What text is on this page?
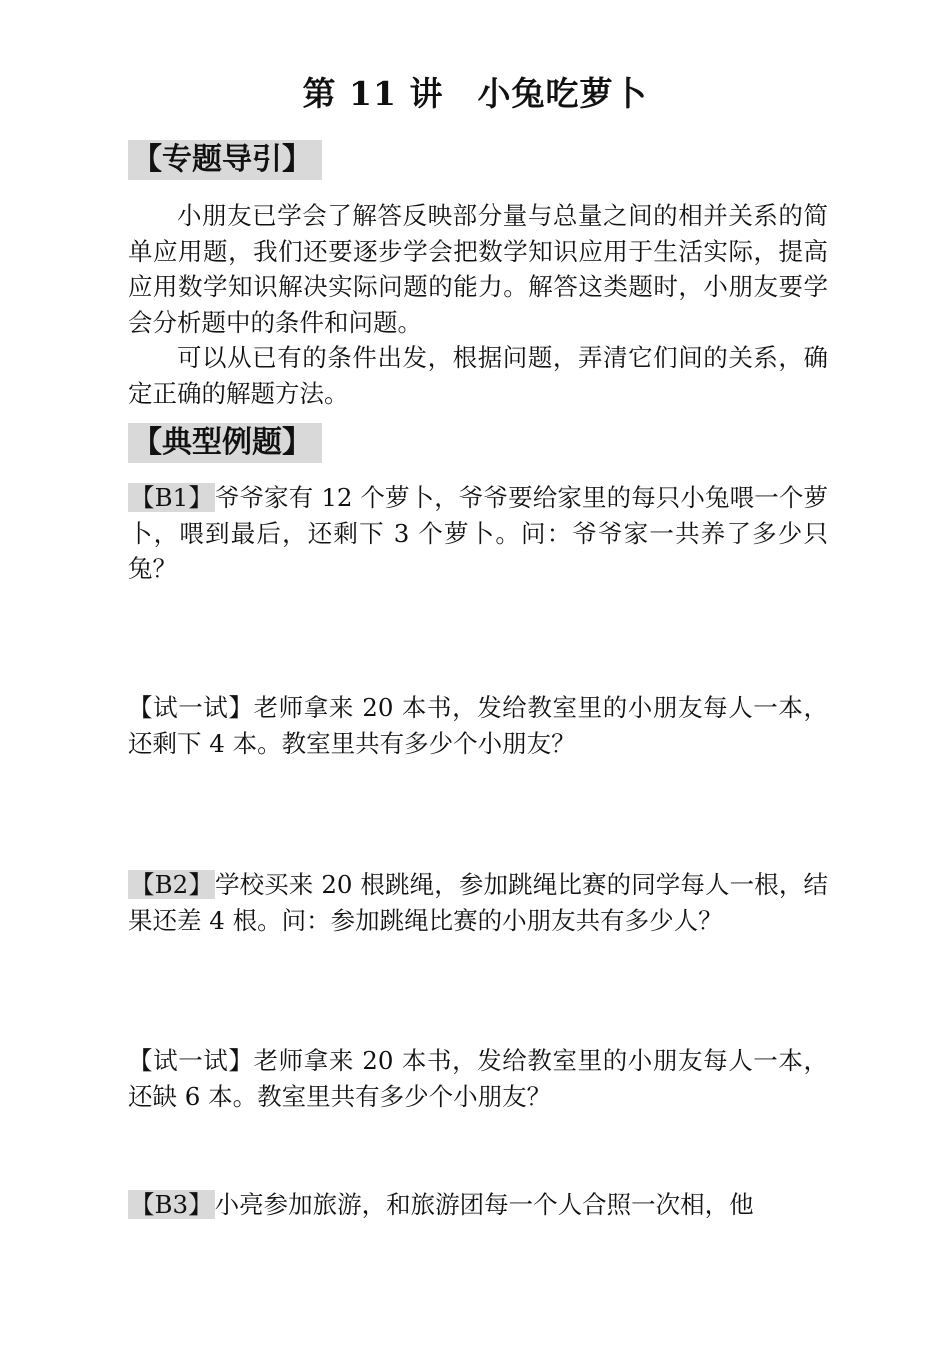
第 11 讲　小兔吃萝卜
【专题导引】

小朋友已学会了解答反映部分量与总量之间的相并关系的简单应用题，我们还要逐步学会把数学知识应用于生活实际，提高应用数学知识解决实际问题的能力。解答这类题时，小朋友要学会分析题中的条件和问题。

可以从已有的条件出发，根据问题，弄清它们间的关系，确定正确的解题方法。

【典型例题】

【B1】爷爷家有 12 个萝卜，爷爷要给家里的每只小兔喂一个萝卜，喂到最后，还剩下 3 个萝卜。问：爷爷家一共养了多少只兔？

【试一试】老师拿来 20 本书，发给教室里的小朋友每人一本，还剩下 4 本。教室里共有多少个小朋友？

【B2】学校买来 20 根跳绳，参加跳绳比赛的同学每人一根，结果还差 4 根。问：参加跳绳比赛的小朋友共有多少人？

【试一试】老师拿来 20 本书，发给教室里的小朋友每人一本，还缺 6 本。教室里共有多少个小朋友？

【B3】小亮参加旅游，和旅游团每一个人合照一次相，他
